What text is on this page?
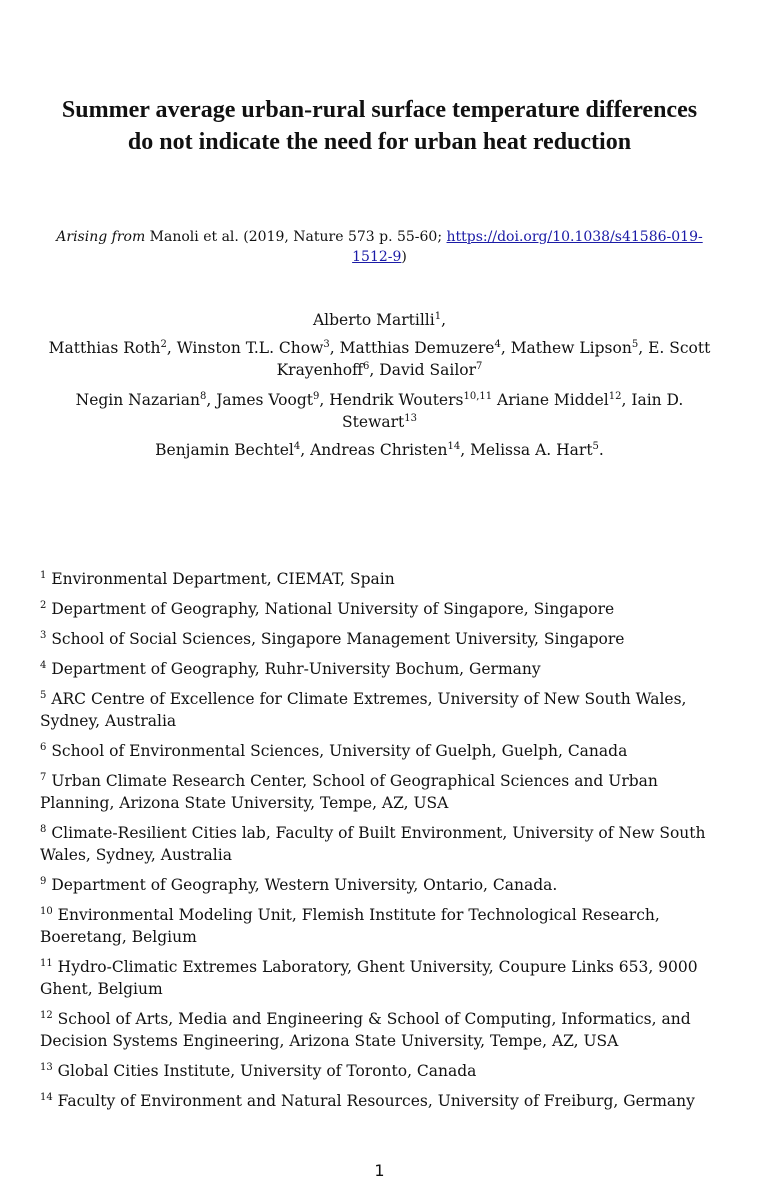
Summer average urban-rural surface temperature differences do not indicate the need for urban heat reduction
Arising from Manoli et al. (2019, Nature 573 p. 55-60; https://doi.org/10.1038/s41586-019-1512-9)
Alberto Martilli$^1$,
Matthias Roth$^2$, Winston T.L. Chow$^3$, Matthias Demuzere$^4$, Mathew Lipson$^5$, E. Scott Krayenhoff$^6$, David Sailor$^7$
Negin Nazarian$^8$, James Voogt$^9$, Hendrik Wouters$^{10,11}$ Ariane Middel$^{12}$, Iain D. Stewart$^{13}$
Benjamin Bechtel$^4$, Andreas Christen$^{14}$, Melissa A. Hart$^5$.
$^1$ Environmental Department, CIEMAT, Spain
$^2$ Department of Geography, National University of Singapore, Singapore
$^3$ School of Social Sciences, Singapore Management University, Singapore
$^4$ Department of Geography, Ruhr-University Bochum, Germany
$^5$ ARC Centre of Excellence for Climate Extremes, University of New South Wales, Sydney, Australia
$^6$ School of Environmental Sciences, University of Guelph, Guelph, Canada
$^7$ Urban Climate Research Center, School of Geographical Sciences and Urban Planning, Arizona State University, Tempe, AZ, USA
$^8$ Climate-Resilient Cities lab, Faculty of Built Environment, University of New South Wales, Sydney, Australia
$^9$ Department of Geography, Western University, Ontario, Canada.
$^{10}$ Environmental Modeling Unit, Flemish Institute for Technological Research, Boeretang, Belgium
$^{11}$ Hydro-Climatic Extremes Laboratory, Ghent University, Coupure Links 653, 9000 Ghent, Belgium
$^{12}$ School of Arts, Media and Engineering & School of Computing, Informatics, and Decision Systems Engineering, Arizona State University, Tempe, AZ, USA
$^{13}$ Global Cities Institute, University of Toronto, Canada
$^{14}$ Faculty of Environment and Natural Resources, University of Freiburg, Germany
1
